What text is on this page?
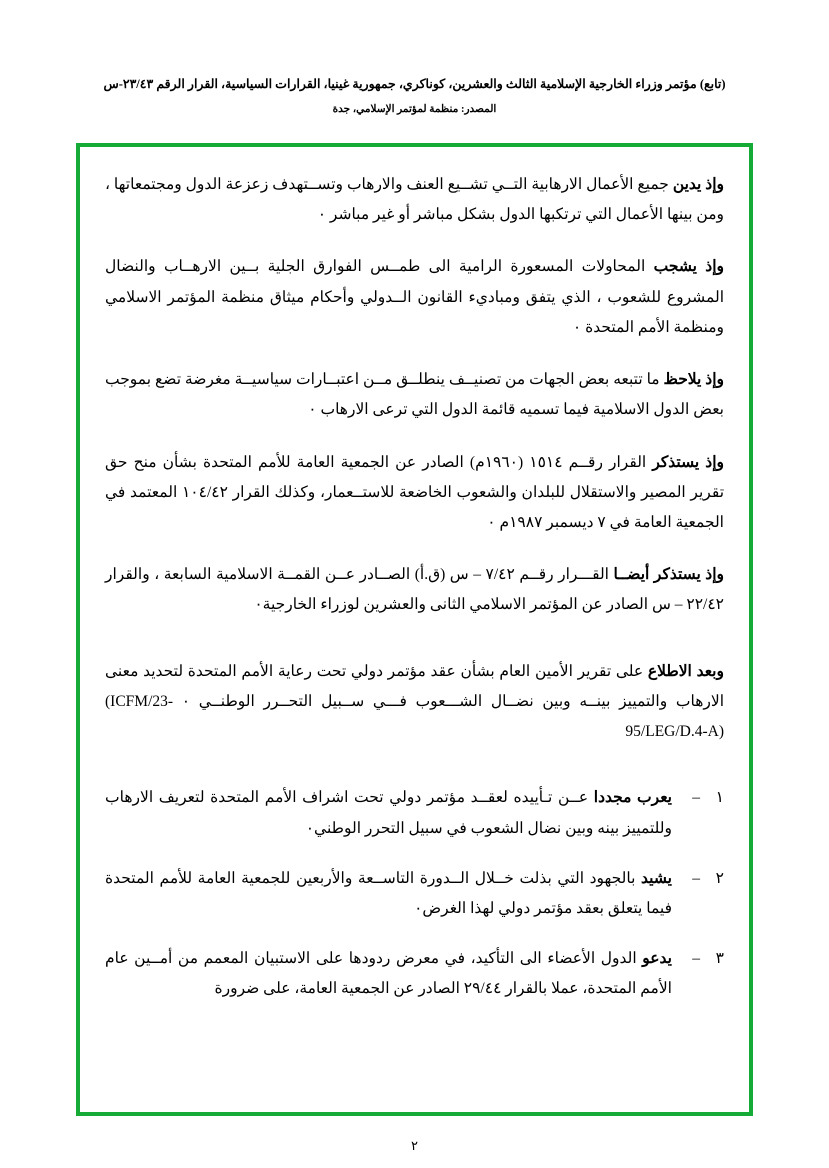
(تابع) مؤتمر وزراء الخارجية الإسلامية الثالث والعشرين، كوناكري، جمهورية غينيا، القرارات السياسية، القرار الرقم ٢٣/٤٣-س
المصدر: منظمة لمؤتمر الإسلامي، جدة

وإذ يدين جميع الأعمال الارهابية التــي تشــيع العنف والارهاب وتســتهدف زعزعة الدول ومجتمعاتها ، ومن بينها الأعمال التي ترتكبها الدول بشكل مباشر أو غير مباشر ٠

وإذ يشجب المحاولات المسعورة الرامية الى طمــس الفوارق الجلية بــين الارهــاب والنضال المشروع للشعوب ، الذي يتفق ومباديء القانون الــدولي وأحكام ميثاق منظمة المؤتمر الاسلامي ومنظمة الأمم المتحدة ٠

وإذ يلاحظ ما تتبعه بعض الجهات من تصنيــف ينطلــق مــن اعتبــارات سياسيــة مغرضة تضع بموجب بعض الدول الاسلامية فيما تسميه قائمة الدول التي ترعى الارهاب ٠

وإذ يستذكر القرار رقــم ١٥١٤ (١٩٦٠م) الصادر عن الجمعية العامة للأمم المتحدة بشأن منح حق تقرير المصير والاستقلال للبلدان والشعوب الخاضعة للاستــعمار، وكذلك القرار ١٠٤/٤٢ المعتمد في الجمعية العامة في ٧ ديسمبر ١٩٨٧م ٠

وإذ يستذكر أيضــا القـــرار رقــم ٧/٤٢ – س (ق.أ) الصــادر عــن القمــة الاسلامية السابعة ، والقرار ٢٢/٤٢ – س الصادر عن المؤتمر الاسلامي الثانى والعشرين لوزراء الخارجية٠

وبعد الاطلاع على تقرير الأمين العام بشأن عقد مؤتمر دولي تحت رعاية الأمم المتحدة لتحديد معنى الارهاب والتمييز بينــه وبين نضــال الشـــعوب فـــي ســبيل التحــرر الوطنــي ٠ (ICFM/23-95/LEG/D.4-A)

١
–
يعرب مجددا عــن تـأييده لعقــد مؤتمر دولي تحت اشراف الأمم المتحدة لتعريف الارهاب وللتمييز بينه وبين نضال الشعوب في سبيل التحرر الوطني٠
٢
–
يشيد بالجهود التي بذلت خــلال الــدورة التاســعة والأربعين للجمعية العامة للأمم المتحدة فيما يتعلق بعقد مؤتمر دولي لهذا الغرض٠
٣
–
يدعو الدول الأعضاء الى التأكيد، في معرض ردودها على الاستبيان المعمم من أمــين عام الأمم المتحدة، عملا بالقرار ٢٩/٤٤ الصادر عن الجمعية العامة، على ضرورة
٢
